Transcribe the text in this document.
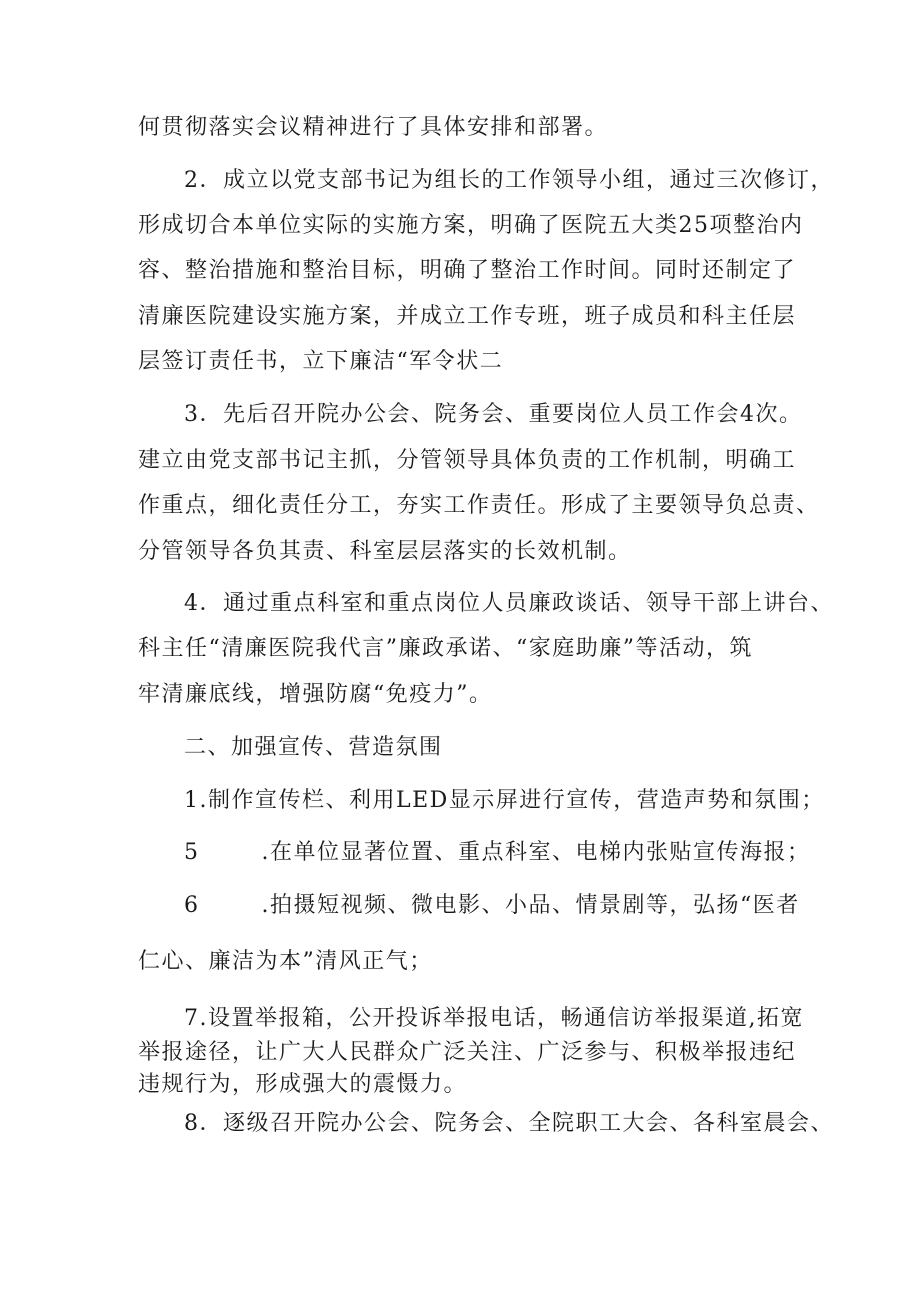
何贯彻落实会议精神进行了具体安排和部署。
2．成立以党支部书记为组长的工作领导小组，通过三次修订，
形成切合本单位实际的实施方案，明确了医院五大类25项整治内
容、整治措施和整治目标，明确了整治工作时间。同时还制定了
清廉医院建设实施方案，并成立工作专班，班子成员和科主任层
层签订责任书，立下廉洁“军令状二
3．先后召开院办公会、院务会、重要岗位人员工作会4次。
建立由党支部书记主抓，分管领导具体负责的工作机制，明确工
作重点，细化责任分工，夯实工作责任。形成了主要领导负总责、
分管领导各负其责、科室层层落实的长效机制。
4．通过重点科室和重点岗位人员廉政谈话、领导干部上讲台、
科主任“清廉医院我代言”廉政承诺、“家庭助廉”等活动，筑
牢清廉底线，增强防腐“免疫力”。
二、加强宣传、营造氛围
1.制作宣传栏、利用LED显示屏进行宣传，营造声势和氛围；
5	.在单位显著位置、重点科室、电梯内张贴宣传海报；
6	.拍摄短视频、微电影、小品、情景剧等，弘扬“医者
仁心、廉洁为本”清风正气；
7.设置举报箱，公开投诉举报电话，畅通信访举报渠道,拓宽
举报途径，让广大人民群众广泛关注、广泛参与、积极举报违纪
违规行为，形成强大的震慑力。
8．逐级召开院办公会、院务会、全院职工大会、各科室晨会、
